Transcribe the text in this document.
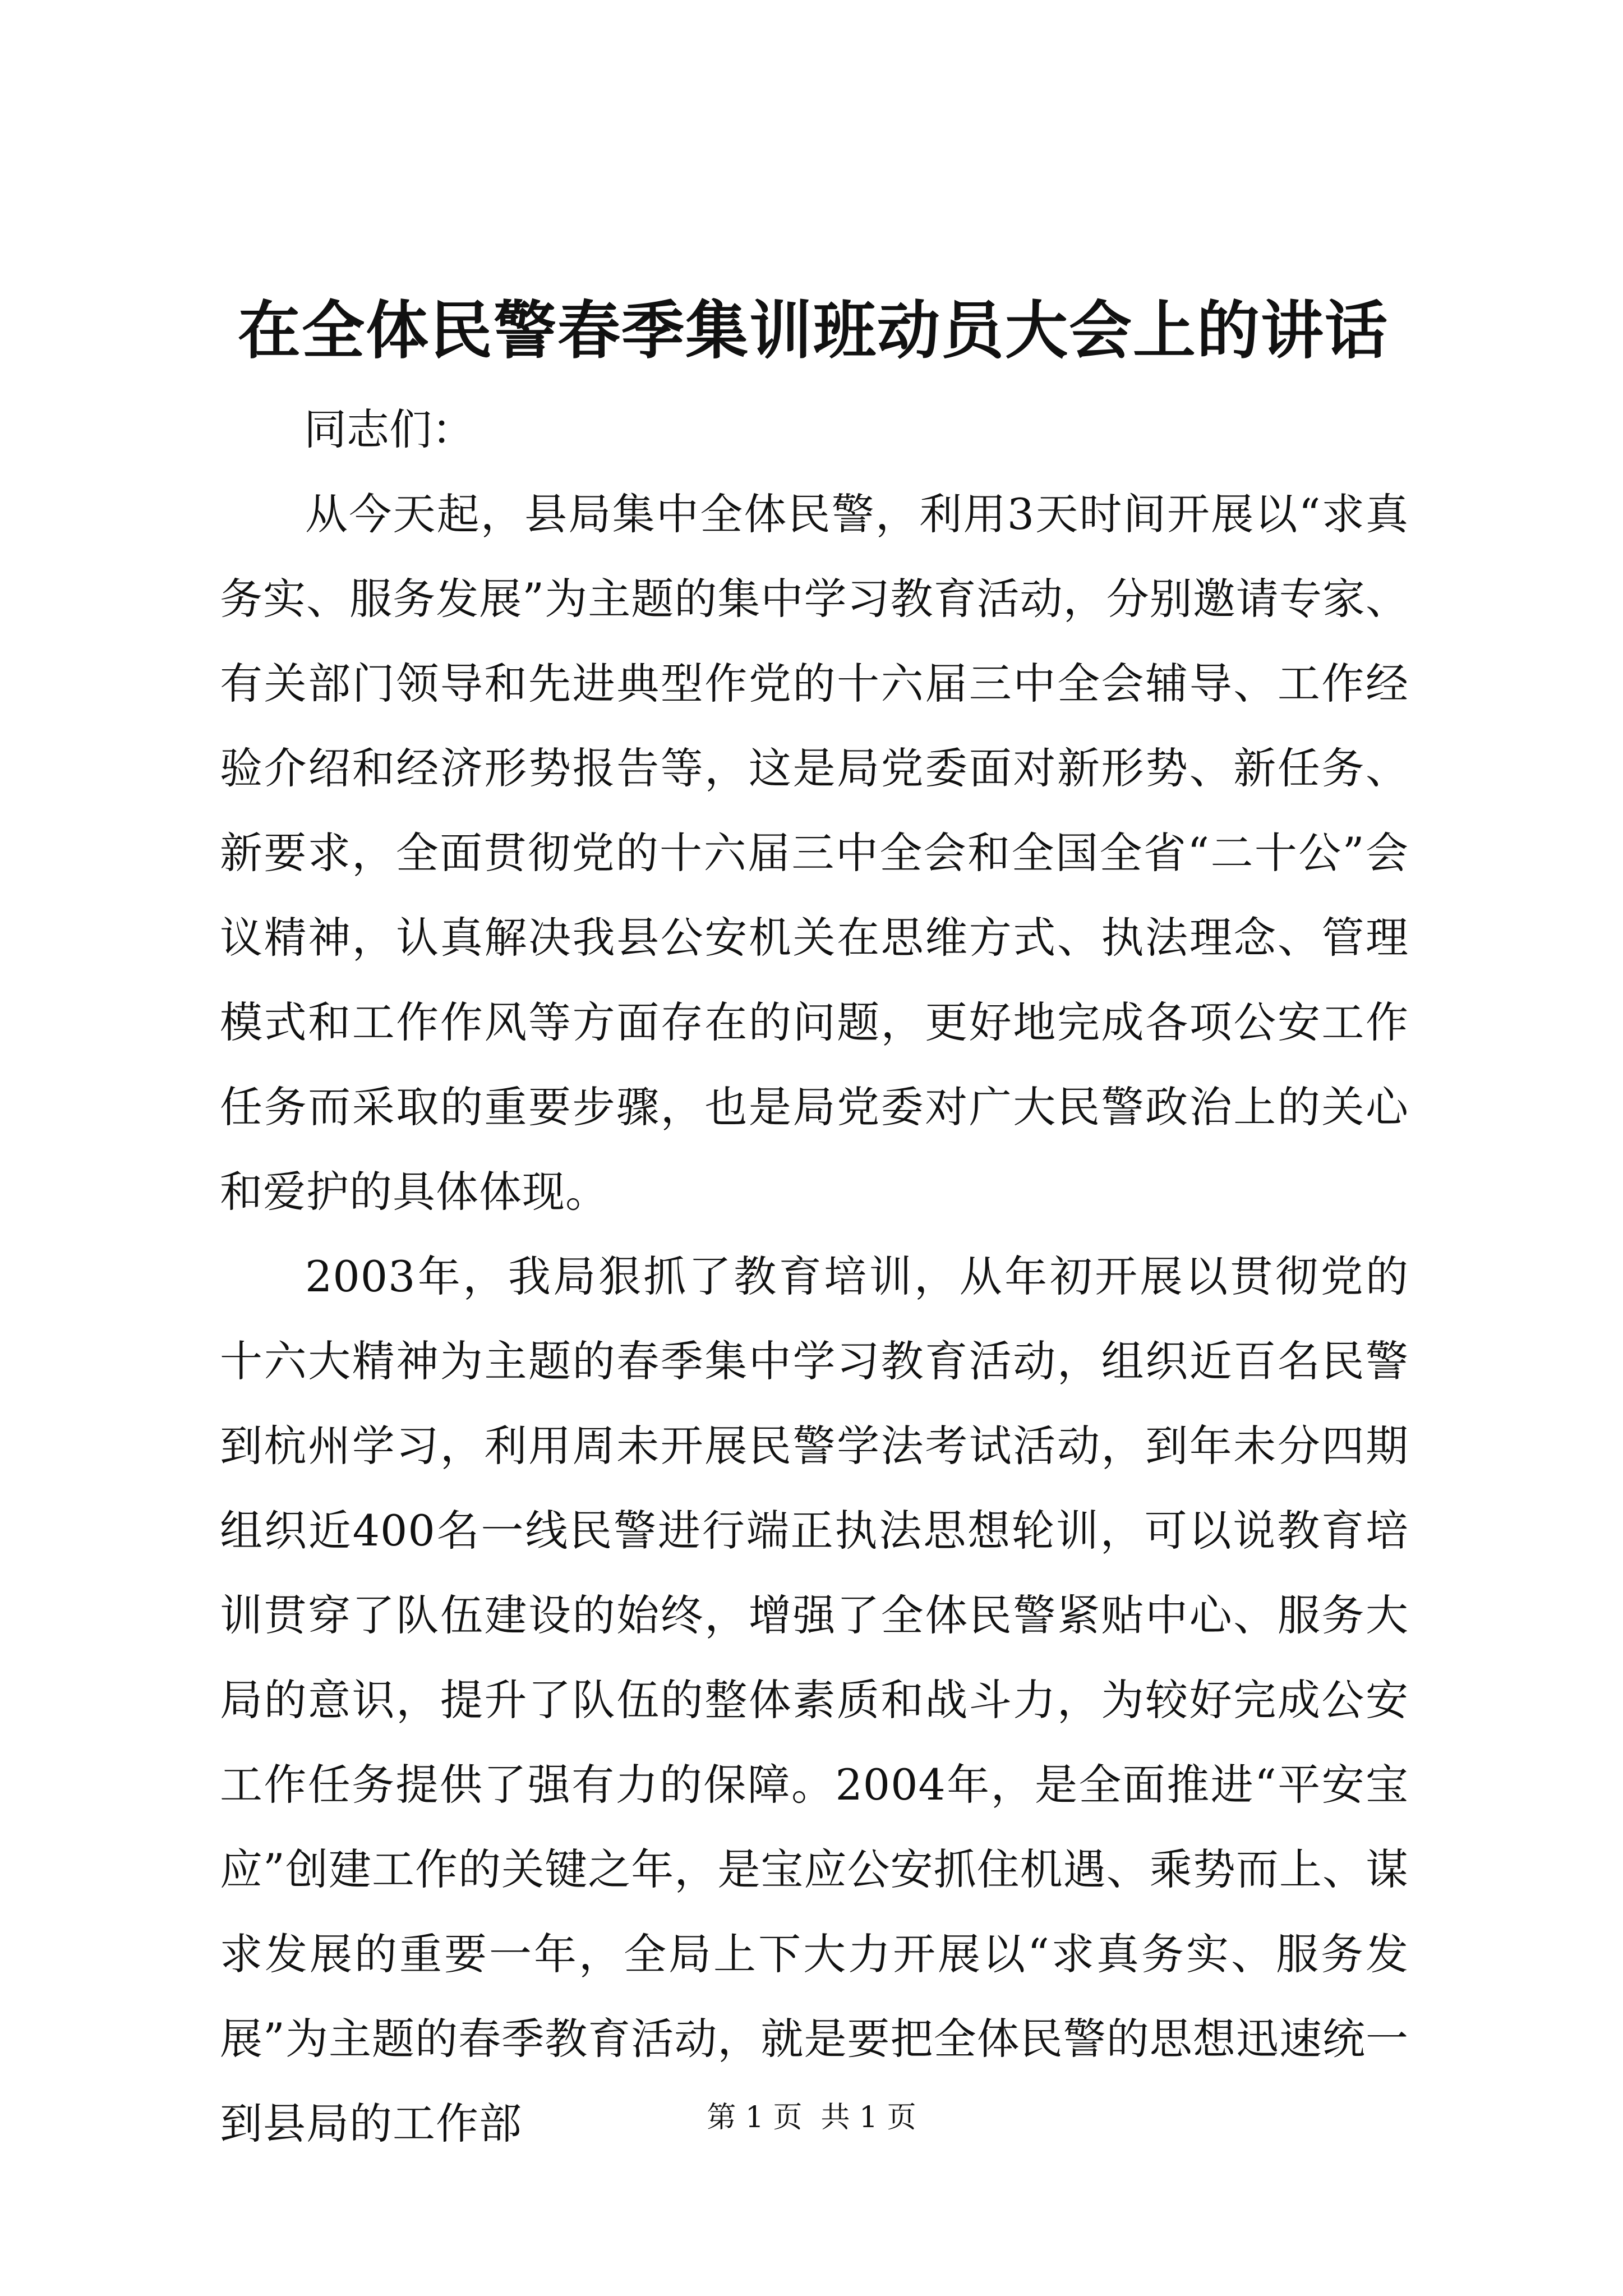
在全体民警春季集训班动员大会上的讲话

同志们：

从今天起，县局集中全体民警，利用3天时间开展以“求真务实、服务发展”为主题的集中学习教育活动，分别邀请专家、有关部门领导和先进典型作党的十六届三中全会辅导、工作经验介绍和经济形势报告等，这是局党委面对新形势、新任务、新要求，全面贯彻党的十六届三中全会和全国全省“二十公”会议精神，认真解决我县公安机关在思维方式、执法理念、管理模式和工作作风等方面存在的问题，更好地完成各项公安工作任务而采取的重要步骤，也是局党委对广大民警政治上的关心和爱护的具体体现。

2003年，我局狠抓了教育培训，从年初开展以贯彻党的十六大精神为主题的春季集中学习教育活动，组织近百名民警到杭州学习，利用周未开展民警学法考试活动，到年未分四期组织近400名一线民警进行端正执法思想轮训，可以说教育培训贯穿了队伍建设的始终，增强了全体民警紧贴中心、服务大局的意识，提升了队伍的整体素质和战斗力，为较好完成公安工作任务提供了强有力的保障。2004年，是全面推进“平安宝应”创建工作的关键之年，是宝应公安抓住机遇、乘势而上、谋求发展的重要一年，全局上下大力开展以“求真务实、服务发展”为主题的春季教育活动，就是要把全体民警的思想迅速统一到县局的工作部	第 1 页  共 1 页
